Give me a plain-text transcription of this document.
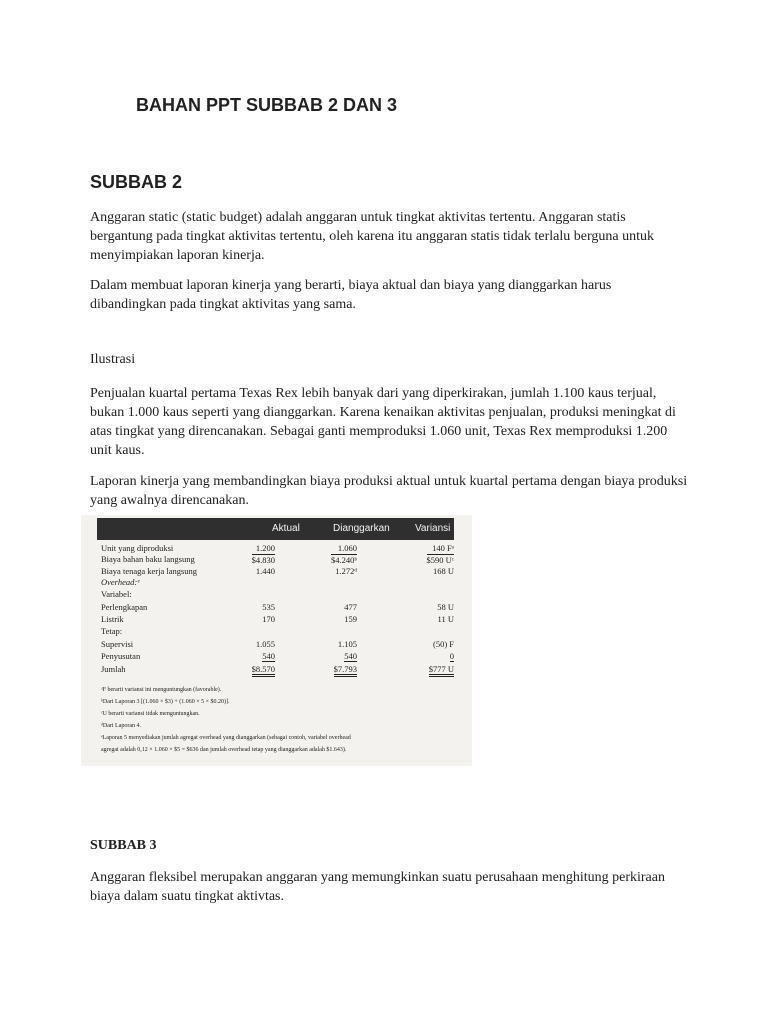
BAHAN PPT SUBBAB 2 DAN 3
SUBBAB 2

Anggaran static (static budget) adalah anggaran untuk tingkat aktivitas tertentu. Anggaran statis bergantung pada tingkat aktivitas tertentu, oleh karena itu anggaran statis tidak terlalu berguna untuk menyimpiakan laporan kinerja.

Dalam membuat laporan kinerja yang berarti, biaya aktual dan biaya yang dianggarkan harus dibandingkan pada tingkat aktivitas yang sama.

Ilustrasi

Penjualan kuartal pertama Texas Rex lebih banyak dari yang diperkirakan, jumlah 1.100 kaus terjual, bukan 1.000 kaus seperti yang dianggarkan. Karena kenaikan aktivitas penjualan, produksi meningkat di atas tingkat yang direncanakan. Sebagai ganti memproduksi 1.060 unit, Texas Rex memproduksi 1.200 unit kaus.

Laporan kinerja yang membandingkan biaya produksi aktual untuk kuartal pertama dengan biaya produksi yang awalnya direncanakan.

Aktual	Dianggarkan	Variansi
Unit yang diproduksi	1.200	1.060	140 Fᵃ
Biaya bahan baku langsung	$4.830	$4.240ᵇ	$590 Uᶜ
Biaya tenaga kerja langsung	1.440	1.272ᵈ	168 U
Overhead:ᵉ
Variabel:
Perlengkapan	535	477	58 U
Listrik	170	159	11 U
Tetap:
Supervisi	1.055	1.105	(50) F
Penyusutan	540	540	0
Jumlah	$8.570	$7.793	$777 U
ᵃF berarti variansi ini menguntungkan (favorable).
ᵇDari Laporan 3 [(1.060 × $3) + (1.060 × 5 × $0.20)].
ᶜU berarti variansi tidak menguntungkan.
ᵈDari Laporan 4.
ᵉLaporan 5 menyediakan jumlah agregat overhead yang dianggarkan (sebagai contoh, variabel overhead
agregat adalah 0,12 × 1.060 × $5 = $636 dan jumlah overhead tetap yang dianggarkan adalah $1.643).
SUBBAB 3

Anggaran fleksibel merupakan anggaran yang memungkinkan suatu perusahaan menghitung perkiraan biaya dalam suatu tingkat aktivtas.
